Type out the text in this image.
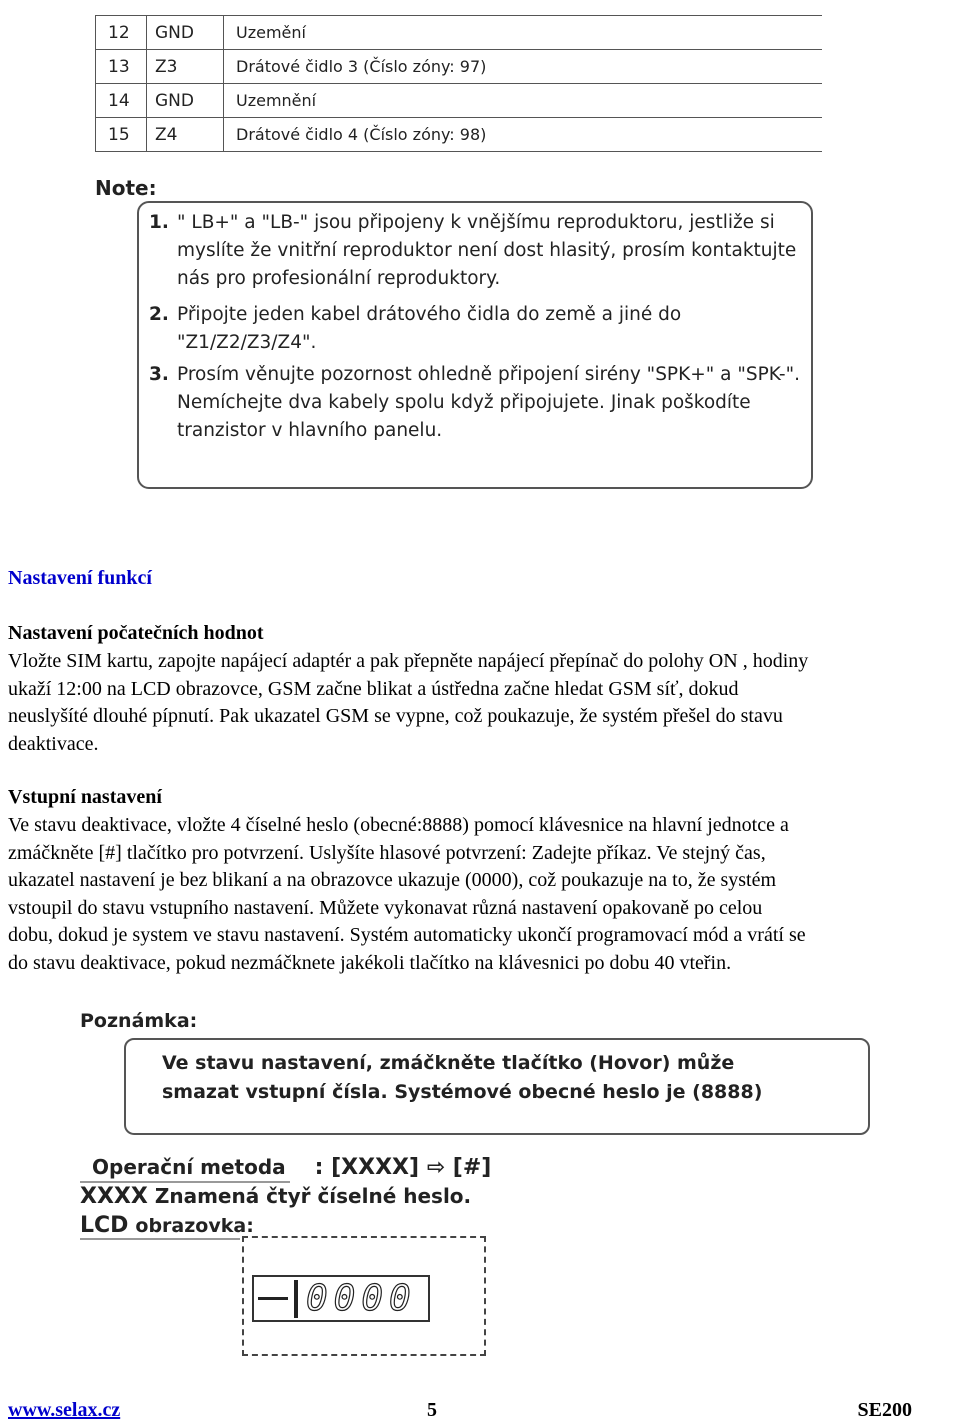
12	GND	Uzemění
13	Z3	Drátové čidlo 3 (Číslo zóny: 97)
14	GND	Uzemnění
15	Z4	Drátové čidlo 4 (Číslo zóny: 98)
Note:
1. " LB+" a "LB-" jsou připojeny k vnějšímu reproduktoru, jestliže si myslíte že vnitřní reproduktor není dost hlasitý, prosím kontaktujte nás pro profesionální reproduktory.
2. Připojte jeden kabel drátového čidla do země a jiné do "Z1/Z2/Z3/Z4".
3. Prosím věnujte pozornost ohledně připojení sirény "SPK+" a "SPK-". Nemíchejte dva kabely spolu když připojujete. Jinak poškodíte tranzistor v hlavního panelu.
Nastavení funkcí
Nastavení počatečních hodnot
Vložte SIM kartu, zapojte napájecí adaptér a pak přepněte napájecí přepínač do polohy ON , hodiny
ukaží 12:00 na LCD obrazovce, GSM začne blikat a ústředna začne hledat GSM síť, dokud
neuslyšíté dlouhé pípnutí. Pak ukazatel GSM se vypne, což poukazuje, že systém přešel do stavu
deaktivace.
Vstupní nastavení
Ve stavu deaktivace, vložte 4 číselné heslo (obecné:8888) pomocí klávesnice na hlavní jednotce a
zmáčkněte [#] tlačítko pro potvrzení. Uslyšíte hlasové potvrzení: Zadejte příkaz. Ve stejný čas,
ukazatel nastavení je bez blikaní a na obrazovce ukazuje (0000), což poukazuje na to, že systém
vstoupil do stavu vstupního nastavení. Můžete vykonavat různá nastavení opakovaně po celou
dobu, dokud je system ve stavu nastavení. Systém automaticky ukončí programovací mód a vrátí se
do stavu deaktivace, pokud nezmáčknete jakékoli tlačítko na klávesnici po dobu 40 vteřin.
Poznámka:
Ve stavu nastavení, zmáčkněte tlačítko (Hovor) může
smazat vstupní čísla. Systémové obecné heslo je (8888)
Operační metoda : [XXXX] ⇨ [#]
XXXX Znamená čtyř číselné heslo.
LCD obrazovka:
0000
www.selax.cz	5	SE200
